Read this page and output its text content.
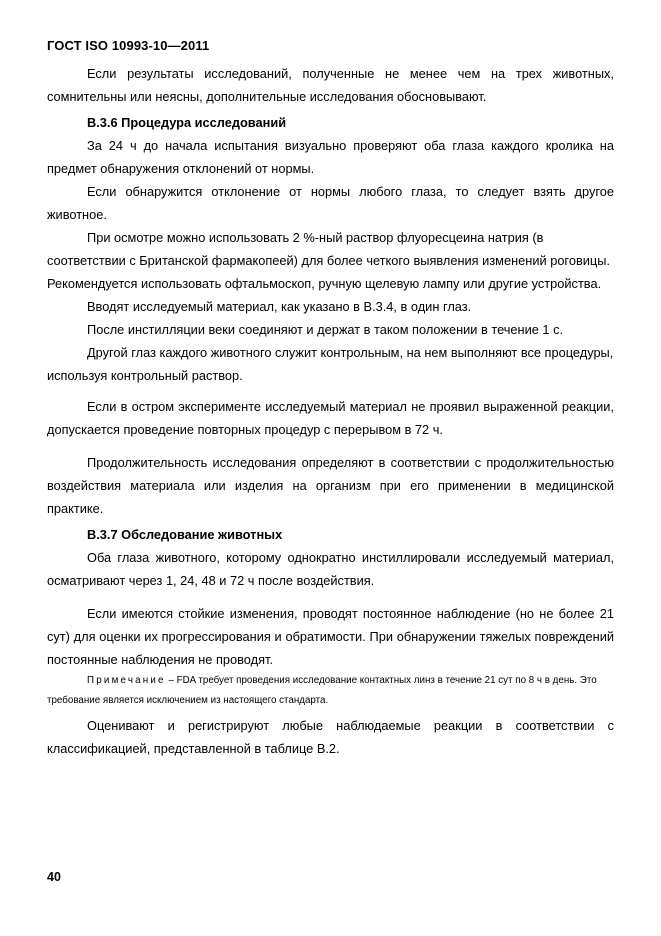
ГОСТ ISO 10993-10—2011

Если результаты исследований, полученные не менее чем на трех животных, сомнительны или неясны, дополнительные исследования обосновывают.

В.3.6 Процедура исследований

За 24 ч до начала испытания визуально проверяют оба глаза каждого кролика на предмет обнаружения отклонений от нормы.

Если обнаружится отклонение от нормы любого глаза, то следует взять другое животное.

При осмотре можно использовать 2 %-ный раствор флуоресцеина натрия (в соответствии с Британской фармакопеей) для более четкого выявления изменений роговицы. Рекомендуется использовать офтальмоскоп, ручную щелевую лампу или другие устройства.

Вводят исследуемый материал, как указано в В.3.4, в один глаз.

После инстилляции веки соединяют и держат в таком положении в течение 1 с.

Другой глаз каждого животного служит контрольным, на нем выполняют все процедуры, используя контрольный раствор.

Если в остром эксперименте исследуемый материал не проявил выраженной реакции, допускается проведение повторных процедур с перерывом в 72 ч.

Продолжительность исследования определяют в соответствии с продолжительностью воздействия материала или изделия на организм при его применении в медицинской практике.

В.3.7 Обследование животных

Оба глаза животного, которому однократно инстиллировали исследуемый материал, осматривают через 1, 24, 48 и 72 ч после воздействия.

Если имеются стойкие изменения, проводят постоянное наблюдение (но не более 21 сут) для оценки их прогрессирования и обратимости. При обнаружении тяжелых повреждений постоянные наблюдения не проводят.

Примечание – FDA требует проведения исследование контактных линз в течение 21 сут по 8 ч в день. Это требование является исключением из настоящего стандарта.

Оценивают и регистрируют любые наблюдаемые реакции в соответствии с классификацией, представленной в таблице В.2.

40
